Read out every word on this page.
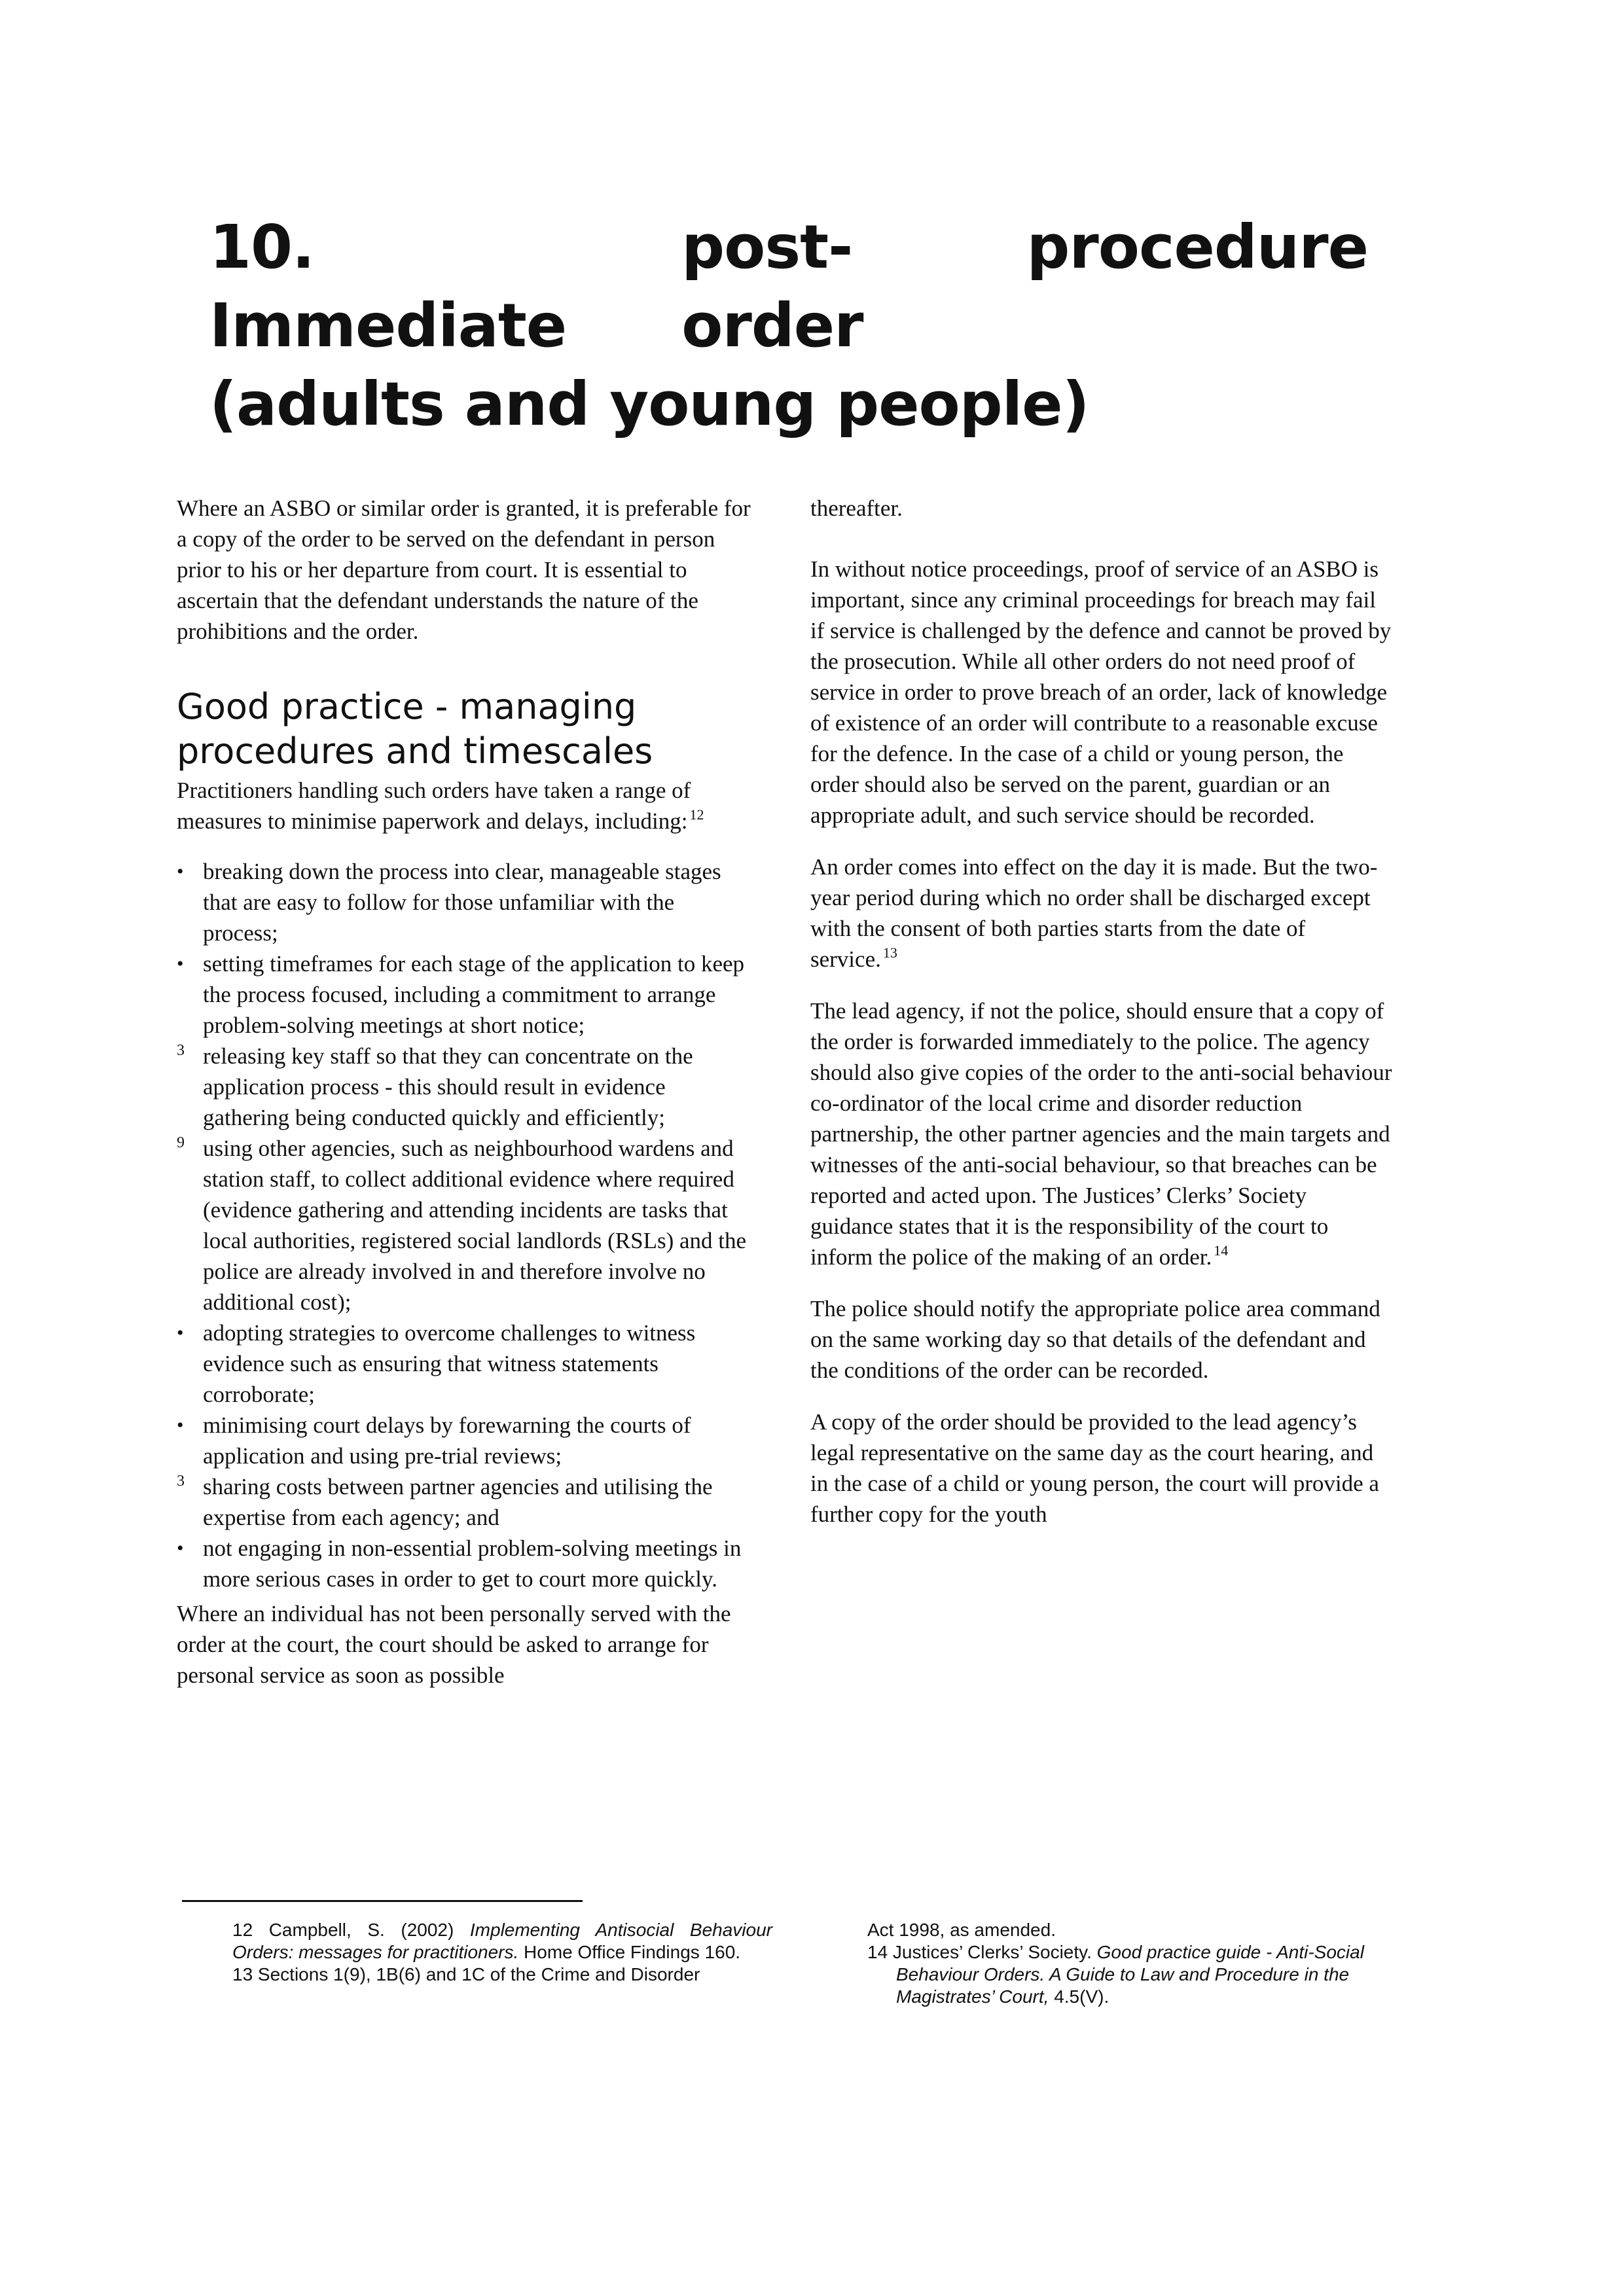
10. Immediate
post-order
procedure
(adults and young people)

Where an ASBO or similar order is granted, it is preferable for a copy of the order to be served on the defendant in person prior to his or her departure from court. It is essential to ascertain that the defendant understands the nature of the prohibitions and the order.

Good practice - managing procedures and timescales

Practitioners handling such orders have taken a range of measures to minimise paperwork and delays, including: $^{12}$

• breaking down the process into clear, manageable stages that are easy to follow for those unfamiliar with the process;
• setting timeframes for each stage of the application to keep the process focused, including a commitment to arrange problem-solving meetings at short notice;
3 releasing key staff so that they can concentrate on the application process - this should result in evidence gathering being conducted quickly and efficiently;
9 using other agencies, such as neighbourhood wardens and station staff, to collect additional evidence where required (evidence gathering and attending incidents are tasks that local authorities, registered social landlords (RSLs) and the police are already involved in and therefore involve no additional cost);
• adopting strategies to overcome challenges to witness evidence such as ensuring that witness statements corroborate;
• minimising court delays by forewarning the courts of application and using pre-trial reviews;
3 sharing costs between partner agencies and utilising the expertise from each agency; and
• not engaging in non-essential problem-solving meetings in more serious cases in order to get to court more quickly.

Where an individual has not been personally served with the order at the court, the court should be asked to arrange for personal service as soon as possible

thereafter.

In without notice proceedings, proof of service of an ASBO is important, since any criminal proceedings for breach may fail if service is challenged by the defence and cannot be proved by the prosecution. While all other orders do not need proof of service in order to prove breach of an order, lack of knowledge of existence of an order will contribute to a reasonable excuse for the defence. In the case of a child or young person, the order should also be served on the parent, guardian or an appropriate adult, and such service should be recorded.

An order comes into effect on the day it is made. But the two-year period during which no order shall be discharged except with the consent of both parties starts from the date of service. $^{13}$

The lead agency, if not the police, should ensure that a copy of the order is forwarded immediately to the police. The agency should also give copies of the order to the anti-social behaviour co-ordinator of the local crime and disorder reduction partnership, the other partner agencies and the main targets and witnesses of the anti-social behaviour, so that breaches can be reported and acted upon. The Justices’ Clerks’ Society guidance states that it is the responsibility of the court to inform the police of the making of an order. $^{14}$

The police should notify the appropriate police area command on the same working day so that details of the defendant and the conditions of the order can be recorded.

A copy of the order should be provided to the lead agency’s legal representative on the same day as the court hearing, and in the case of a child or young person, the court will provide a further copy for the youth

12 Campbell, S. (2002) Implementing Antisocial Behaviour Orders: messages for practitioners. Home Office Findings 160.

13 Sections 1(9), 1B(6) and 1C of the Crime and Disorder

Act 1998, as amended.

14 Justices’ Clerks’ Society. Good practice guide - Anti-Social Behaviour Orders. A Guide to Law and Procedure in the Magistrates’ Court, 4.5(V).
